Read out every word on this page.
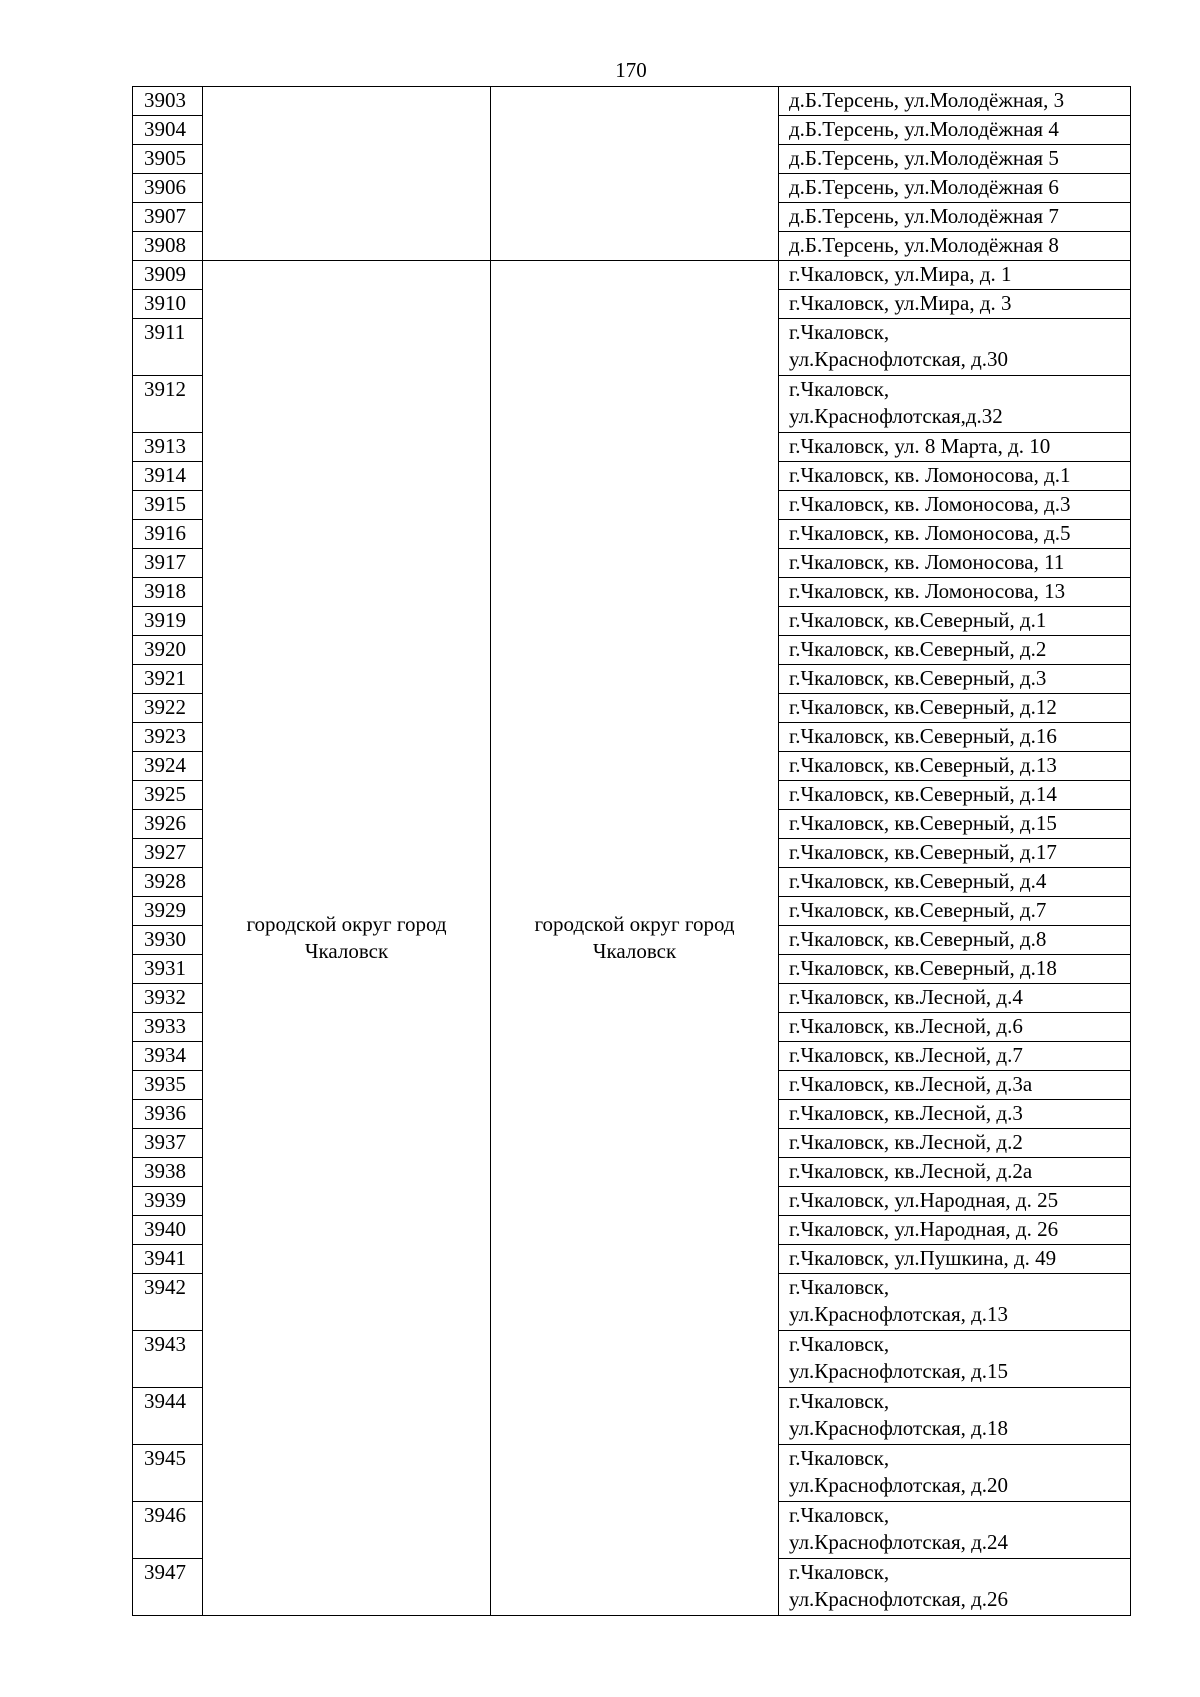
170
3903			д.Б.Терсень, ул.Молодёжная, 3

3904			д.Б.Терсень, ул.Молодёжная 4

3905			д.Б.Терсень, ул.Молодёжная 5

3906			д.Б.Терсень, ул.Молодёжная 6

3907			д.Б.Терсень, ул.Молодёжная 7

3908			д.Б.Терсень, ул.Молодёжная 8

3909	городской округ город Чкаловск	городской округ город Чкаловск	г.Чкаловск, ул.Мира, д. 1

3910			г.Чкаловск, ул.Мира, д. 3

3911			г.Чкаловск,
ул.Краснофлотская, д.30

3912			г.Чкаловск,
ул.Краснофлотская,д.32

3913			г.Чкаловск, ул. 8 Марта, д. 10

3914			г.Чкаловск, кв. Ломоносова, д.1

3915			г.Чкаловск, кв. Ломоносова, д.3

3916			г.Чкаловск, кв. Ломоносова, д.5

3917			г.Чкаловск, кв. Ломоносова, 11

3918			г.Чкаловск, кв. Ломоносова, 13

3919			г.Чкаловск, кв.Северный, д.1

3920			г.Чкаловск, кв.Северный, д.2

3921			г.Чкаловск, кв.Северный, д.3

3922			г.Чкаловск, кв.Северный, д.12

3923			г.Чкаловск, кв.Северный, д.16

3924			г.Чкаловск, кв.Северный, д.13

3925			г.Чкаловск, кв.Северный, д.14

3926			г.Чкаловск, кв.Северный, д.15

3927			г.Чкаловск, кв.Северный, д.17

3928			г.Чкаловск, кв.Северный, д.4

3929			г.Чкаловск, кв.Северный, д.7

3930			г.Чкаловск, кв.Северный, д.8

3931			г.Чкаловск, кв.Северный, д.18

3932			г.Чкаловск, кв.Лесной, д.4

3933			г.Чкаловск, кв.Лесной, д.6

3934			г.Чкаловск, кв.Лесной, д.7

3935			г.Чкаловск, кв.Лесной, д.3а

3936			г.Чкаловск, кв.Лесной, д.3

3937			г.Чкаловск, кв.Лесной, д.2

3938			г.Чкаловск, кв.Лесной, д.2а

3939			г.Чкаловск, ул.Народная, д. 25

3940			г.Чкаловск, ул.Народная, д. 26

3941			г.Чкаловск, ул.Пушкина, д. 49

3942			г.Чкаловск,
ул.Краснофлотская, д.13

3943			г.Чкаловск,
ул.Краснофлотская, д.15

3944			г.Чкаловск,
ул.Краснофлотская, д.18

3945			г.Чкаловск,
ул.Краснофлотская, д.20

3946			г.Чкаловск,
ул.Краснофлотская, д.24

3947			г.Чкаловск,
ул.Краснофлотская, д.26
